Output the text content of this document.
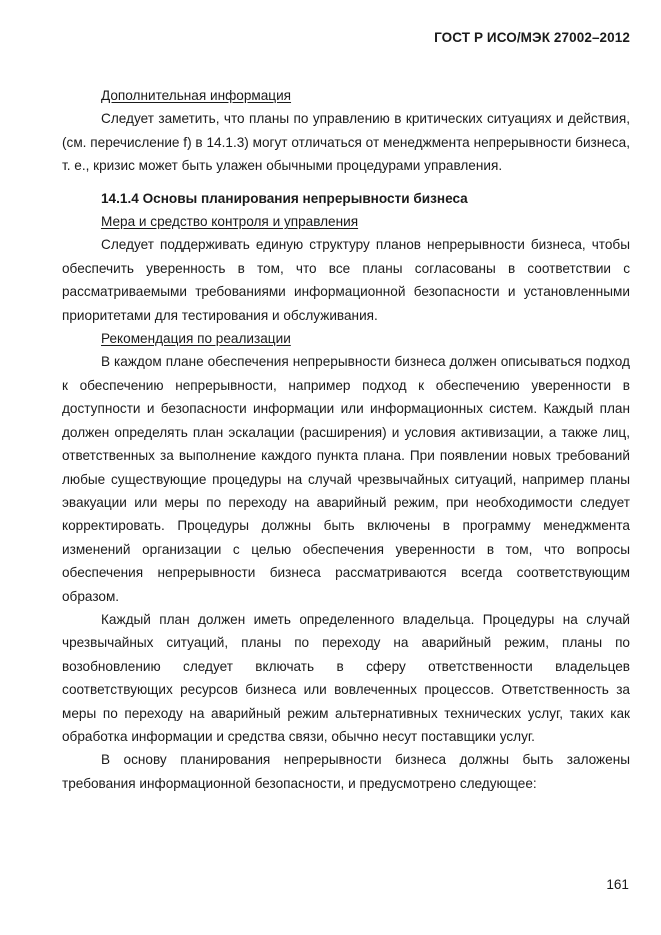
ГОСТ Р ИСО/МЭК 27002–2012

Дополнительная информация

Следует заметить, что планы по управлению в критических ситуациях и действия, (см. перечисление f) в 14.1.3) могут отличаться от менеджмента непрерывности бизнеса, т. е., кризис может быть улажен обычными процедурами управления.

14.1.4 Основы планирования непрерывности бизнеса

Мера и средство контроля и управления

Следует поддерживать единую структуру планов непрерывности бизнеса, чтобы обеспечить уверенность в том, что все планы согласованы в соответствии с рассматриваемыми требованиями информационной безопасности и установленными приоритетами для тестирования и обслуживания.

Рекомендация по реализации

В каждом плане обеспечения непрерывности бизнеса должен описываться подход к обеспечению непрерывности, например подход к обеспечению уверенности в доступности и безопасности информации или информационных систем. Каждый план должен определять план эскалации (расширения) и условия активизации, а также лиц, ответственных за выполнение каждого пункта плана. При появлении новых требований любые существующие процедуры на случай чрезвычайных ситуаций, например планы эвакуации или меры по переходу на аварийный режим, при необходимости следует корректировать. Процедуры должны быть включены в программу менеджмента изменений организации с целью обеспечения уверенности в том, что вопросы обеспечения непрерывности бизнеса рассматриваются всегда соответствующим образом.

Каждый план должен иметь определенного владельца. Процедуры на случай чрезвычайных ситуаций, планы по переходу на аварийный режим, планы по возобновлению следует включать в сферу ответственности владельцев соответствующих ресурсов бизнеса или вовлеченных процессов. Ответственность за меры по переходу на аварийный режим альтернативных технических услуг, таких как обработка информации и средства связи, обычно несут поставщики услуг.

В основу планирования непрерывности бизнеса должны быть заложены требования информационной безопасности, и предусмотрено следующее:

161
